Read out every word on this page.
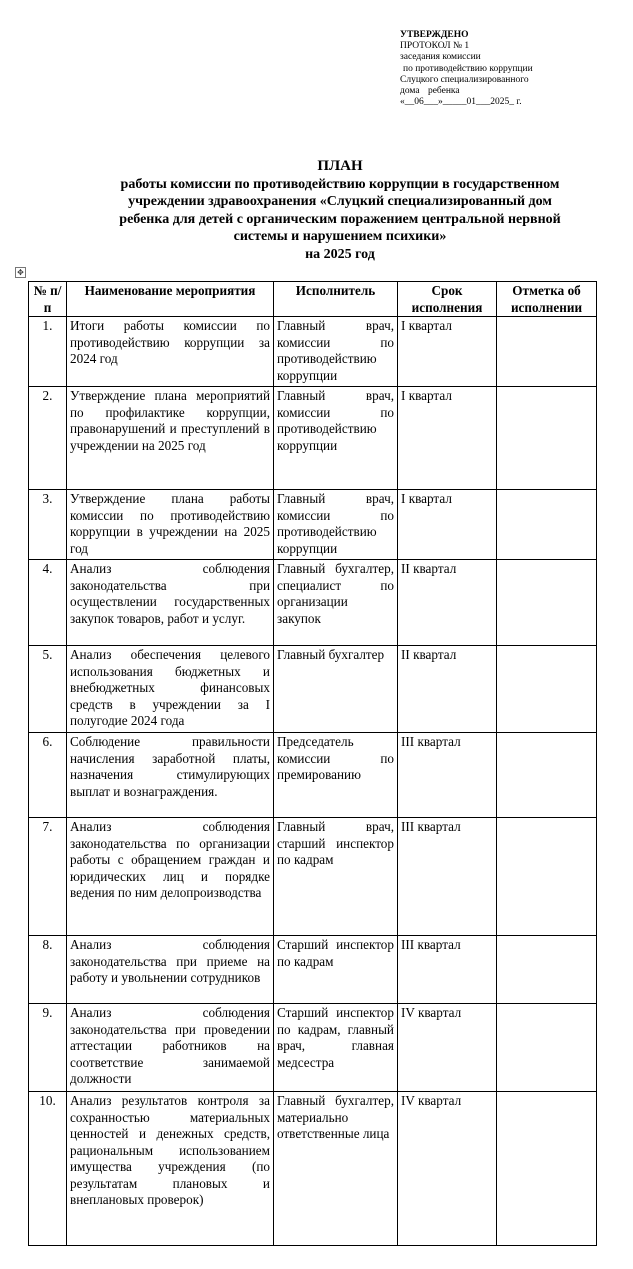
УТВЕРЖДЕНО
ПРОТОКОЛ № 1
заседания комиссии
по противодействию коррупции
Слуцкого специализированного
дома ребенка
«__06___»_____01___2025_ г.
ПЛАН
работы комиссии по противодействию коррупции в государственном
учреждении здравоохранения «Слуцкий специализированный дом
ребенка для детей с органическим поражением центральной нервной
системы и нарушением психики»
на 2025 год
✥
№ п/п	Наименование мероприятия	Исполнитель	Срок исполнения	Отметка об исполнении
1.	Итоги работы комиссии по противодействию коррупции за 2024 год	Главный врач, комиссии по противодействию коррупции	I квартал	
2.	Утверждение плана мероприятий по профилактике коррупции, правонарушений и преступлений в учреждении на 2025 год	Главный врач, комиссии по противодействию коррупции	I квартал	
3.	Утверждение плана работы комиссии по противодействию коррупции в учреждении на 2025 год	Главный врач, комиссии по противодействию коррупции	I квартал	
4.	Анализ соблюдения законодательства при осуществлении государственных закупок товаров, работ и услуг.	Главный бухгалтер, специалист по организации закупок	II квартал	
5.	Анализ обеспечения целевого использования бюджетных и внебюджетных финансовых средств в учреждении за I полугодие 2024 года	Главный бухгалтер	II квартал	
6.	Соблюдение правильности начисления заработной платы, назначения стимулирующих выплат и вознаграждения.	Председатель комиссии по премированию	III квартал	
7.	Анализ соблюдения законодательства по организации работы с обращением граждан и юридических лиц и порядке ведения по ним делопроизводства	Главный врач, старший инспектор по кадрам	III квартал	
8.	Анализ соблюдения законодательства при приеме на работу и увольнении сотрудников	Старший инспектор по кадрам	III квартал	
9.	Анализ соблюдения законодательства при проведении аттестации работников на соответствие занимаемой должности	Старший инспектор по кадрам, главный врач, главная медсестра	IV квартал	
10.	Анализ результатов контроля за сохранностью материальных ценностей и денежных средств, рациональным использованием имущества учреждения (по результатам плановых и внеплановых проверок)	Главный бухгалтер, материально ответственные лица	IV квартал	
